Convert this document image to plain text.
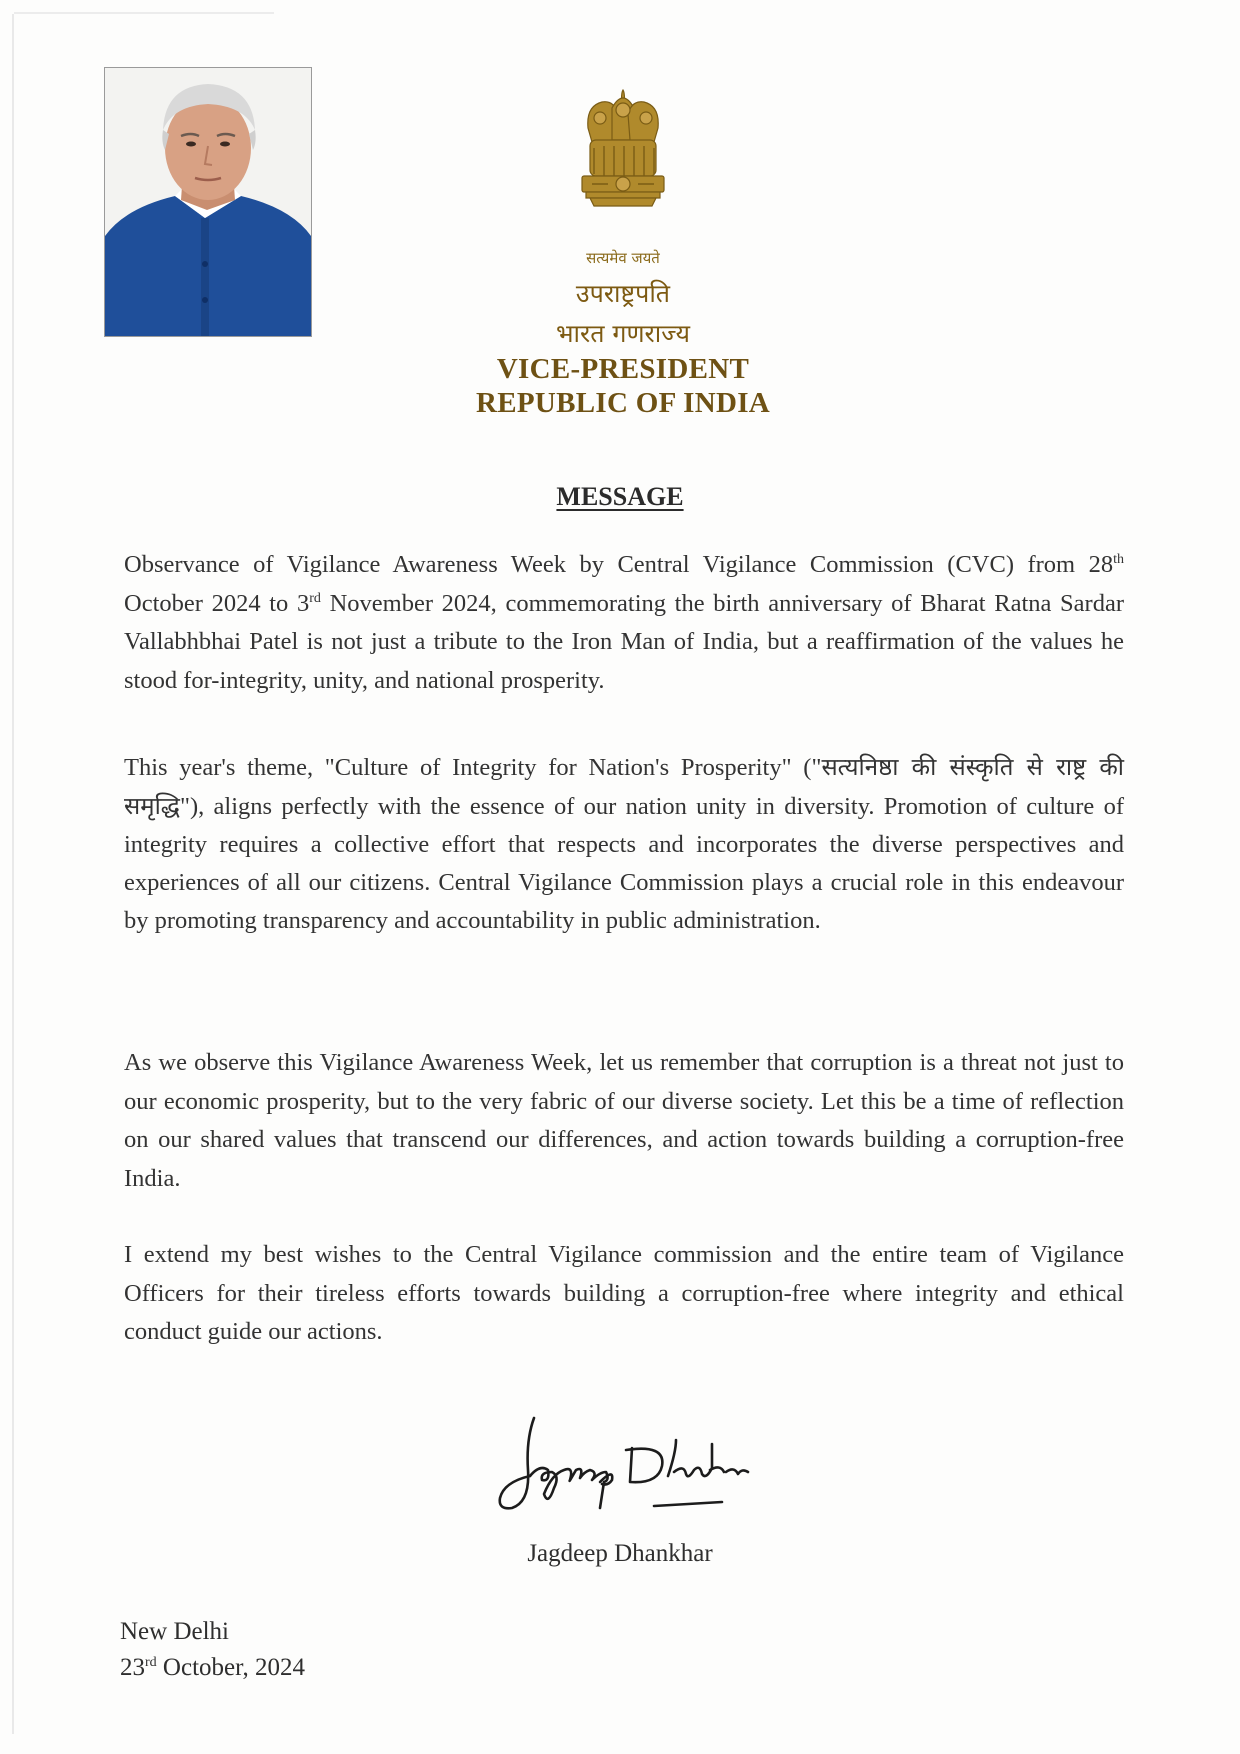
सत्यमेव जयते
उपराष्ट्रपति
भारत गणराज्य
VICE-PRESIDENT
REPUBLIC OF INDIA
MESSAGE
Observance of Vigilance Awareness Week by Central Vigilance Commission (CVC) from 28th October 2024 to 3rd November 2024, commemorating the birth anniversary of Bharat Ratna Sardar Vallabhbhai Patel is not just a tribute to the Iron Man of India, but a reaffirmation of the values he stood for-integrity, unity, and national prosperity.
This year's theme, "Culture of Integrity for Nation's Prosperity" ("सत्यनिष्ठा की संस्कृति से राष्ट्र की समृद्धि"), aligns perfectly with the essence of our nation unity in diversity. Promotion of culture of integrity requires a collective effort that respects and incorporates the diverse perspectives and experiences of all our citizens. Central Vigilance Commission plays a crucial role in this endeavour by promoting transparency and accountability in public administration.
As we observe this Vigilance Awareness Week, let us remember that corruption is a threat not just to our economic prosperity, but to the very fabric of our diverse society. Let this be a time of reflection on our shared values that transcend our differences, and action towards building a corruption-free India.
I extend my best wishes to the Central Vigilance commission and the entire team of Vigilance Officers for their tireless efforts towards building a corruption-free where integrity and ethical conduct guide our actions.
Jagdeep Dhankhar
New Delhi
23rd October, 2024
